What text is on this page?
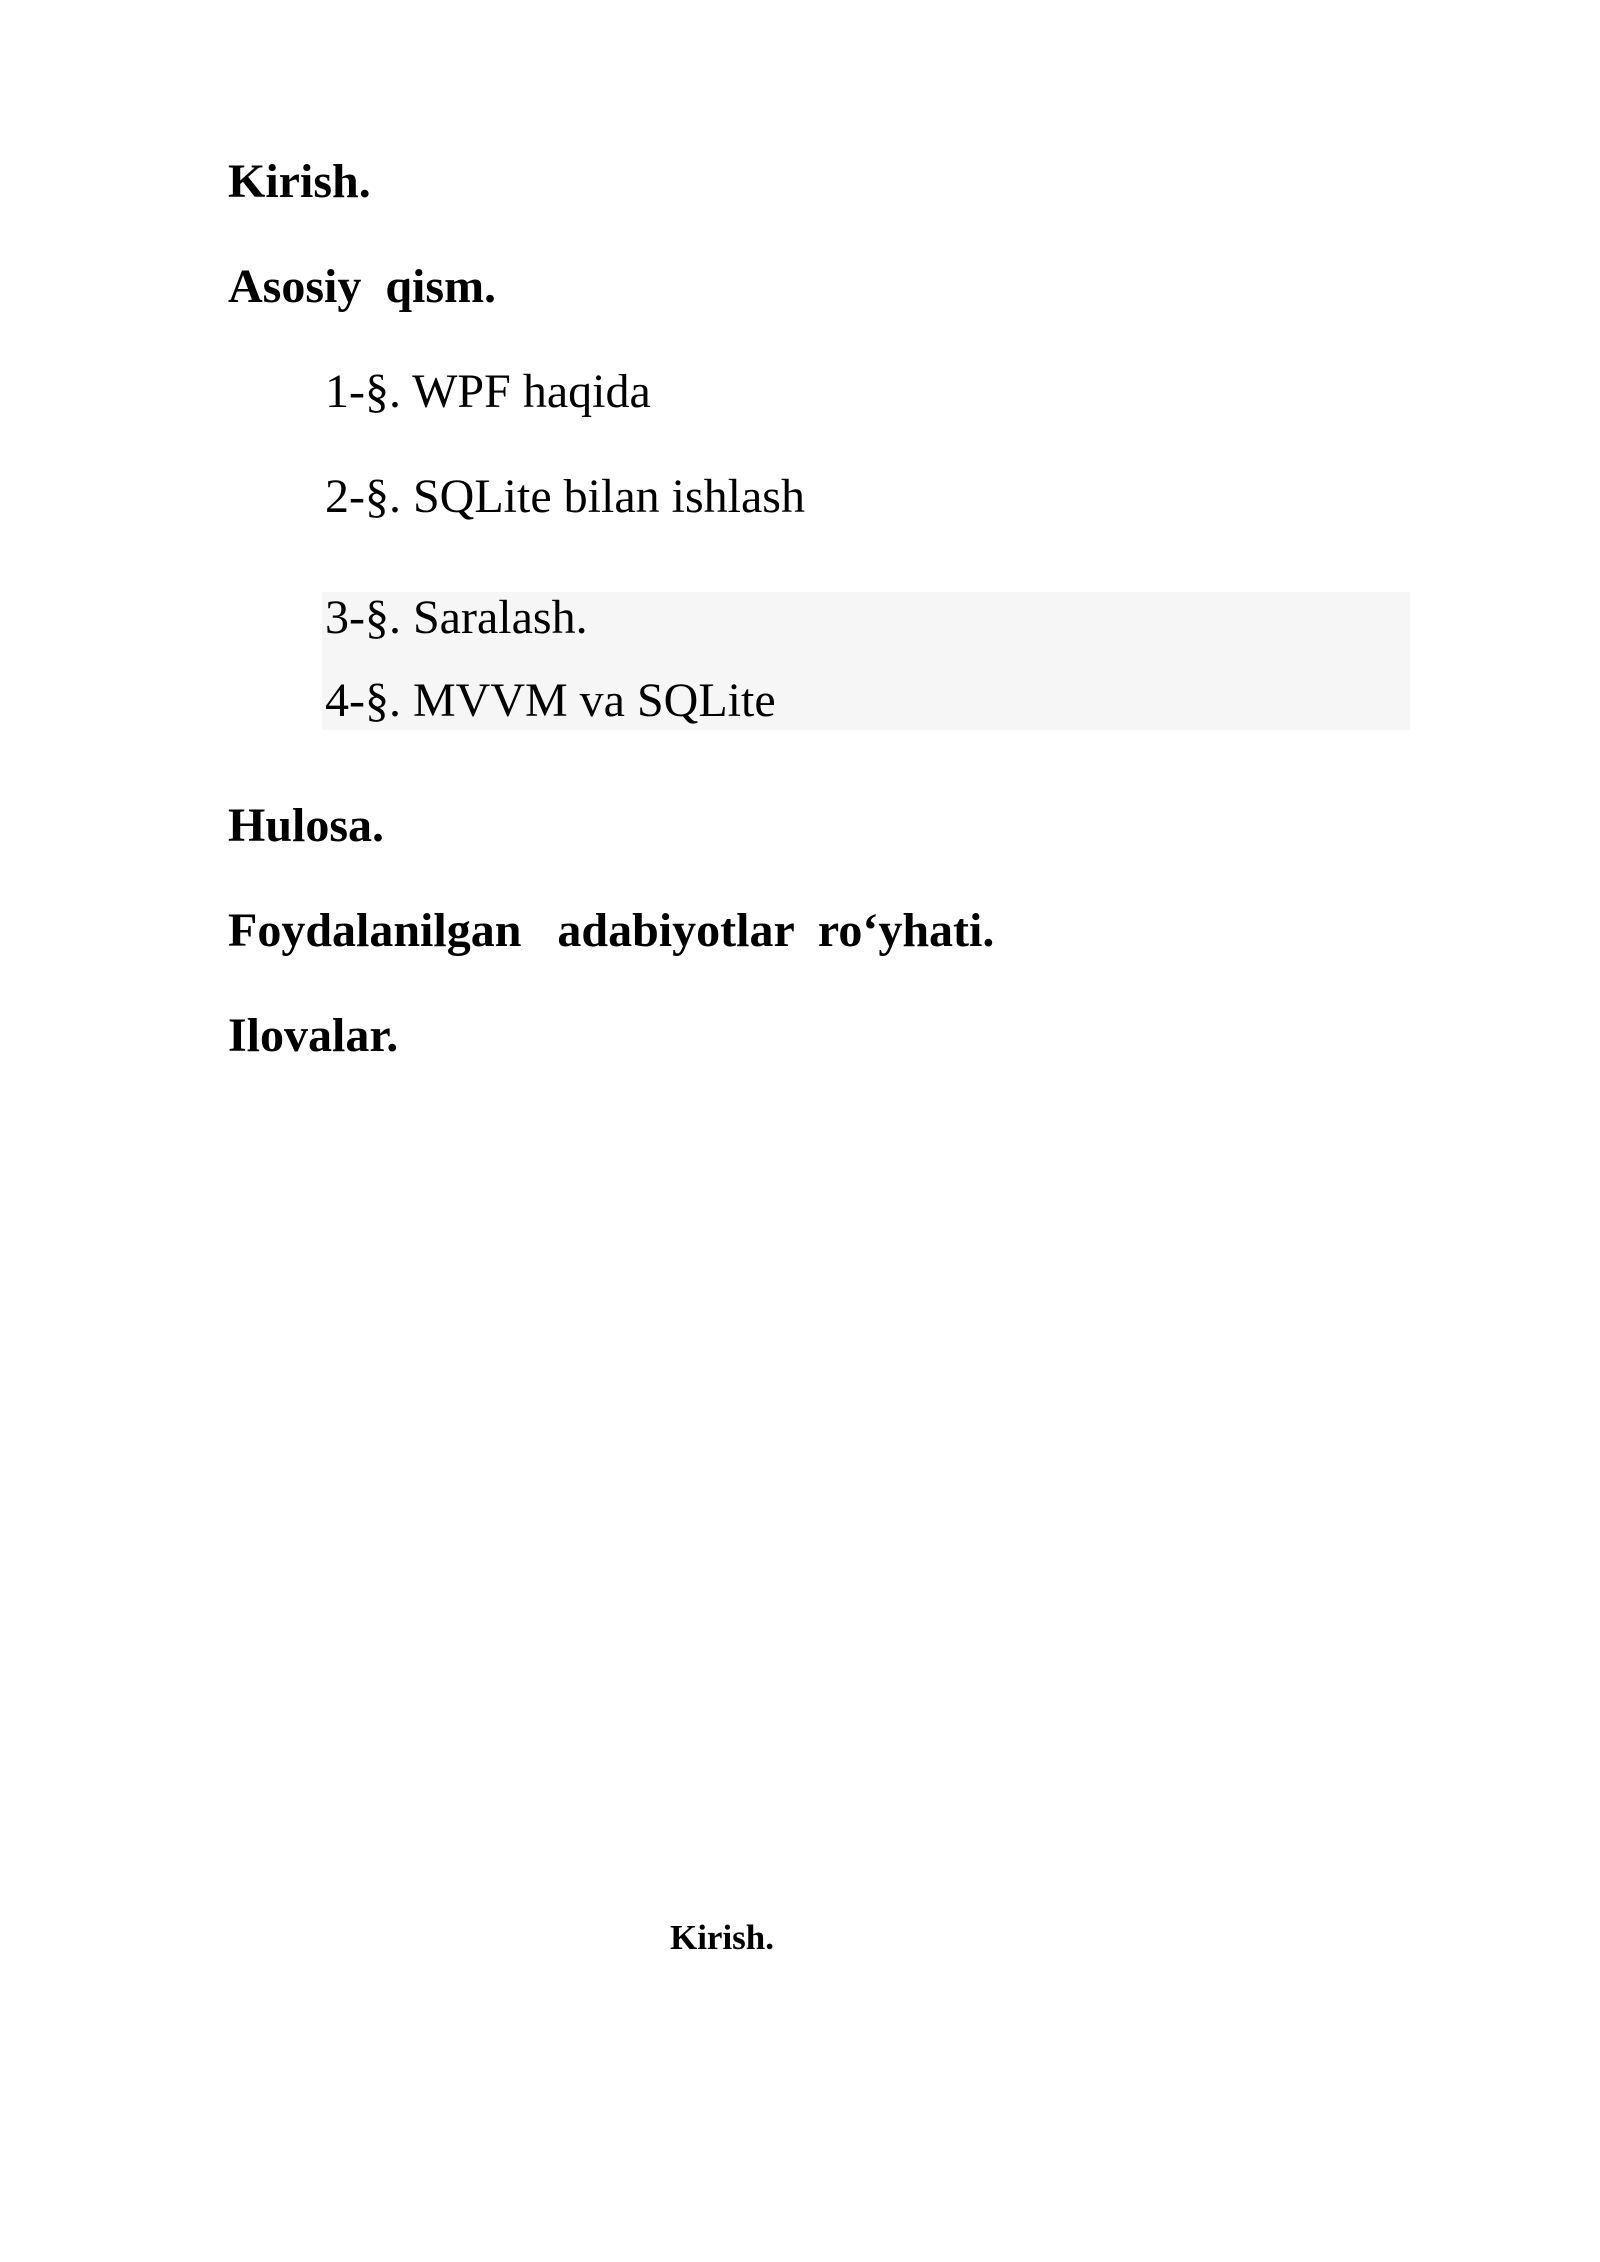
Kirish.

Asosiy  qism.

1-§. WPF haqida

2-§. SQLite bilan ishlash

3-§. Saralash.

4-§. MVVM va SQLite

Hulosa.

Foydalanilgan   adabiyotlar  ro‘yhati.

Ilovalar.

Kirish.
